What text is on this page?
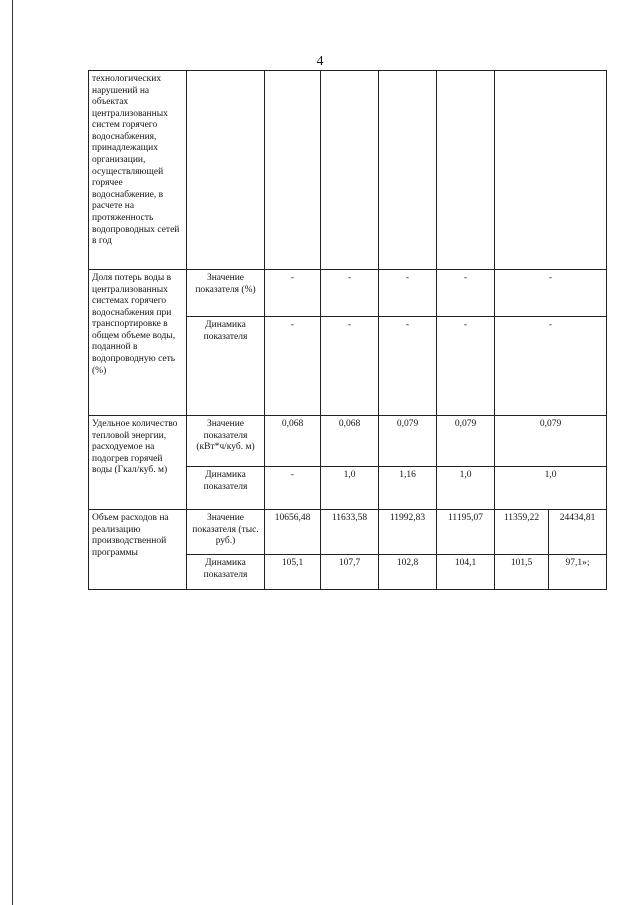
4
технологических нарушений на объектах централизованных систем горячего водоснабжения, принадлежащих организации, осуществляющей горячее водоснабжение, в расчете на протяженность водопроводных сетей в год							
Доля потерь воды в централизованных системах горячего водоснабжения при транспортировке в общем объеме воды, поданной в водопроводную сеть (%)	Значение показателя (%)	-	-	-	-	-	
	Динамика показателя	-	-	-	-	-	
Удельное количество тепловой энергии, расходуемое на подогрев горячей воды (Гкал/куб. м)	Значение показателя (кВт*ч/куб. м)	0,068	0,068	0,079	0,079	0,079	
	Динамика показателя	-	1,0	1,16	1,0	1,0	
Объем расходов на реализацию производственной программы	Значение показателя (тыс. руб.)	10656,48	11633,58	11992,83	11195,07	11359,22	24434,81
	Динамика показателя	105,1	107,7	102,8	104,1	101,5	97,1»;
